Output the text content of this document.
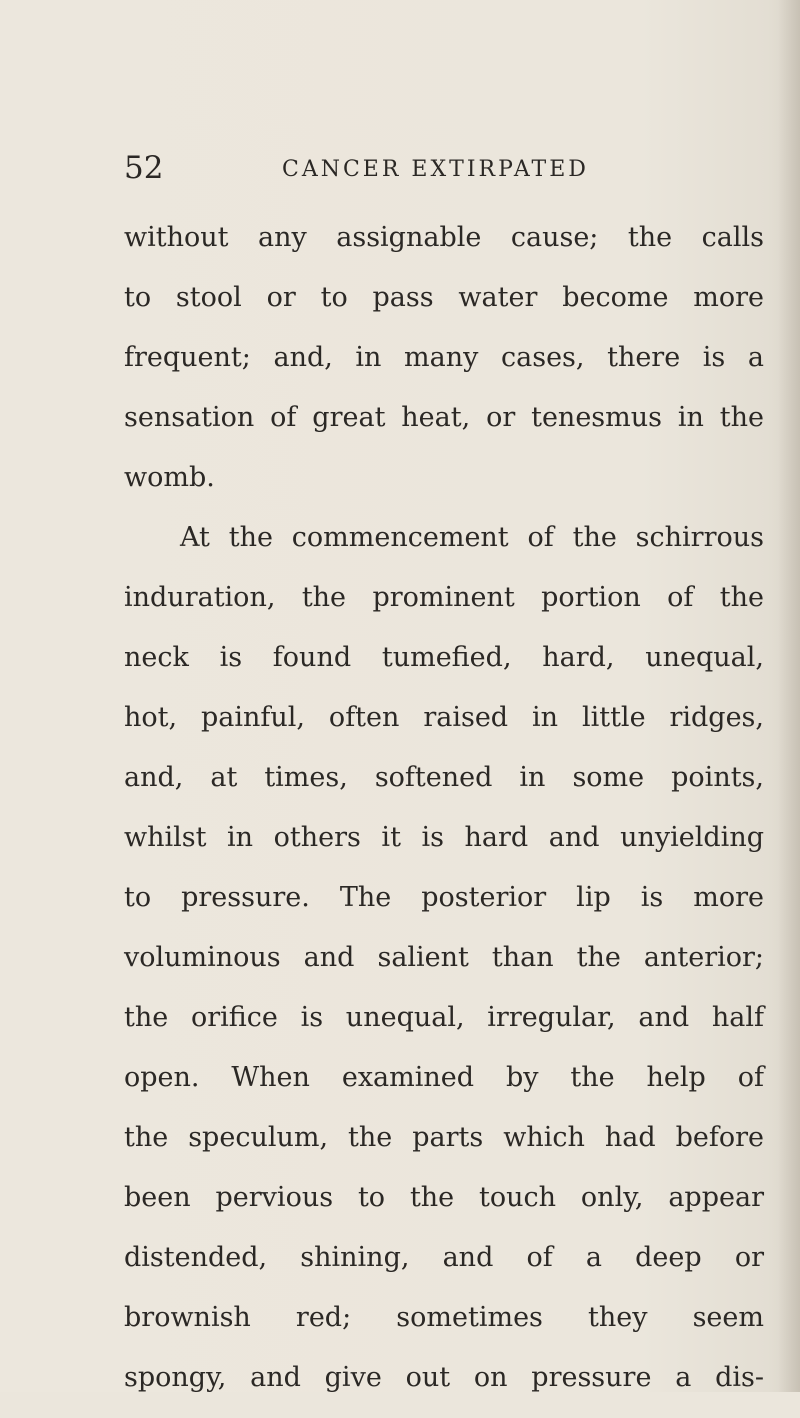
52	CANCER EXTIRPATED
without any assignable cause; the calls
to stool or to pass water become more
frequent; and, in many cases, there is a
sensation of great heat, or tenesmus in the
womb.
At the commencement of the schirrous
induration, the prominent portion of the
neck is found tumefied, hard, unequal,
hot, painful, often raised in little ridges,
and, at times, softened in some points,
whilst in others it is hard and unyielding
to pressure. The posterior lip is more
voluminous and salient than the anterior;
the orifice is unequal, irregular, and half
open. When examined by the help of
the speculum, the parts which had before
been pervious to the touch only, appear
distended, shining, and of a deep or
brownish red; sometimes they seem
spongy, and give out on pressure a dis-
